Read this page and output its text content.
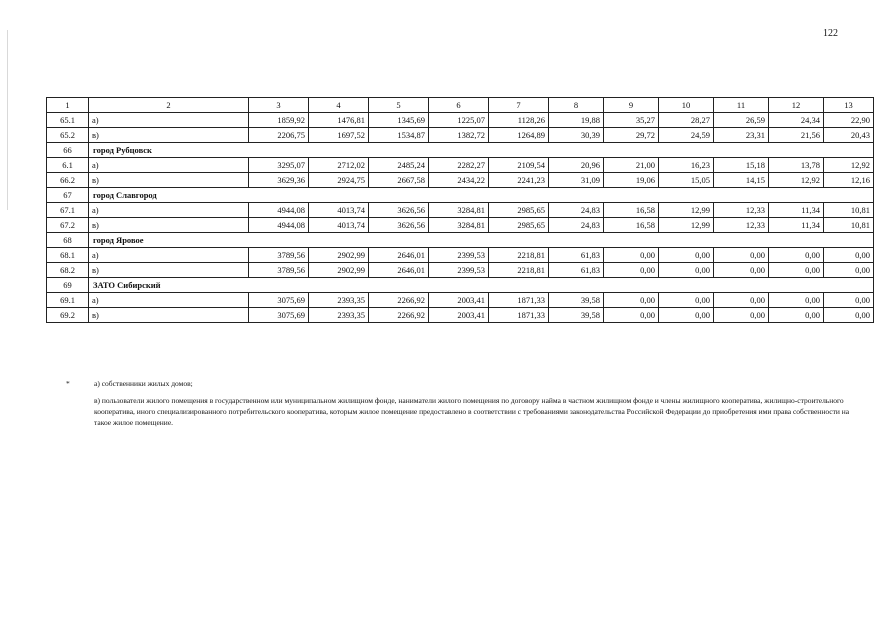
122
1	2	3	4	5	6	7	8	9	10	11	12	13
65.1	а)	1859,92	1476,81	1345,69	1225,07	1128,26	19,88	35,27	28,27	26,59	24,34	22,90
65.2	в)	2206,75	1697,52	1534,87	1382,72	1264,89	30,39	29,72	24,59	23,31	21,56	20,43
66	город Рубцовск											
6.1	а)	3295,07	2712,02	2485,24	2282,27	2109,54	20,96	21,00	16,23	15,18	13,78	12,92
66.2	в)	3629,36	2924,75	2667,58	2434,22	2241,23	31,09	19,06	15,05	14,15	12,92	12,16
67	город Славгород											
67.1	а)	4944,08	4013,74	3626,56	3284,81	2985,65	24,83	16,58	12,99	12,33	11,34	10,81
67.2	в)	4944,08	4013,74	3626,56	3284,81	2985,65	24,83	16,58	12,99	12,33	11,34	10,81
68	город Яровое											
68.1	а)	3789,56	2902,99	2646,01	2399,53	2218,81	61,83	0,00	0,00	0,00	0,00	0,00
68.2	в)	3789,56	2902,99	2646,01	2399,53	2218,81	61,83	0,00	0,00	0,00	0,00	0,00
69	ЗАТО Сибирский											
69.1	а)	3075,69	2393,35	2266,92	2003,41	1871,33	39,58	0,00	0,00	0,00	0,00	0,00
69.2	в)	3075,69	2393,35	2266,92	2003,41	1871,33	39,58	0,00	0,00	0,00	0,00	0,00
*	а) собственники жилых домов;
в) пользователи жилого помещения в государственном или муниципальном жилищном фонде, наниматели жилого помещения по договору найма в частном жилищном фонде и члены жилищного кооператива, жилищно-строительного кооператива, иного специализированного потребительского кооператива, которым жилое помещение предоставлено в соответствии с требованиями законодательства Российской Федерации до приобретения ими права собственности на такое жилое помещение.
